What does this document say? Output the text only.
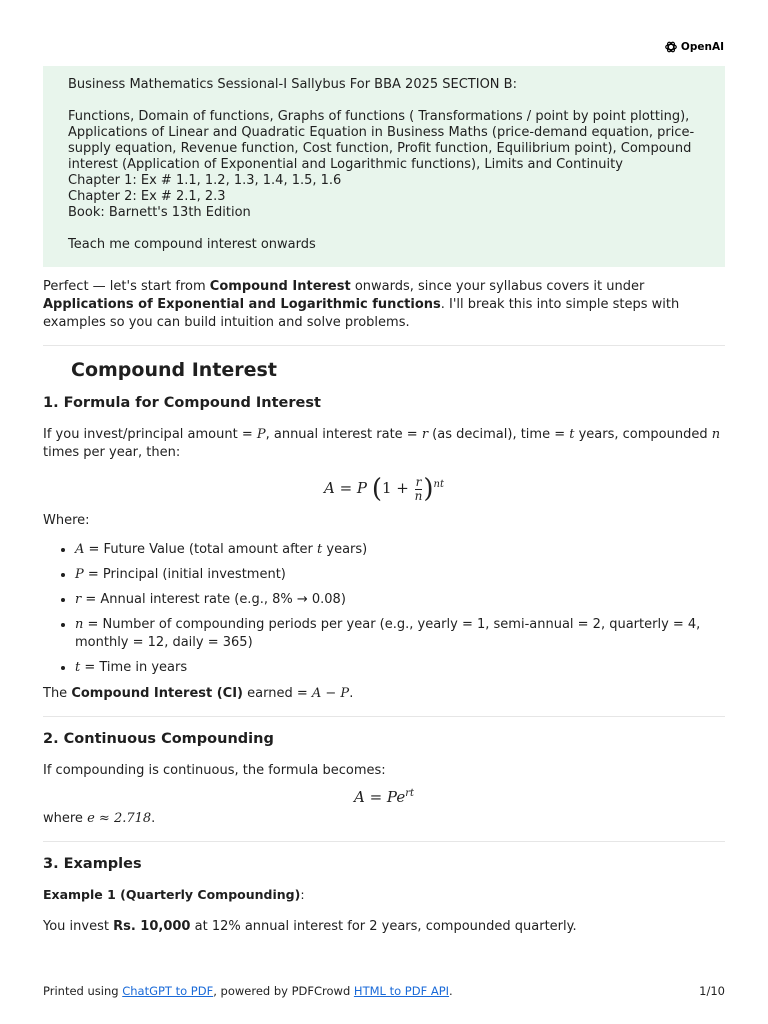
OpenAI
Business Mathematics Sessional-I Sallybus For BBA 2025 SECTION B:
Functions, Domain of functions, Graphs of functions ( Transformations / point by point plotting), Applications of Linear and Quadratic Equation in Business Maths (price-demand equation, price-supply equation, Revenue function, Cost function, Profit function, Equilibrium point), Compound interest (Application of Exponential and Logarithmic functions), Limits and Continuity
Chapter 1: Ex # 1.1, 1.2, 1.3, 1.4, 1.5, 1.6
Chapter 2: Ex # 2.1, 2.3
Book: Barnett's 13th Edition
Teach me compound interest onwards

Perfect — let's start from Compound Interest onwards, since your syllabus covers it under Applications of Exponential and Logarithmic functions. I'll break this into simple steps with examples so you can build intuition and solve problems.

Compound Interest
1. Formula for Compound Interest

If you invest/principal amount = P, annual interest rate = r (as decimal), time = t years, compounded n times per year, then:

A = P $(1 + \frac{r}{n} )^{nt}$

Where:

• A = Future Value (total amount after t years)
• P = Principal (initial investment)
• r = Annual interest rate (e.g., 8% → 0.08)
• n = Number of compounding periods per year (e.g., yearly = 1, semi-annual = 2, quarterly = 4, monthly = 12, daily = 365)
• t = Time in years

The Compound Interest (CI) earned = A − P.

2. Continuous Compounding

If compounding is continuous, the formula becomes:

$A = Pe^{rt}$

where e ≈ 2.718.

3. Examples

Example 1 (Quarterly Compounding):

You invest Rs. 10,000 at 12% annual interest for 2 years, compounded quarterly.

Printed using ChatGPT to PDF, powered by PDFCrowd HTML to PDF API.	1/10
